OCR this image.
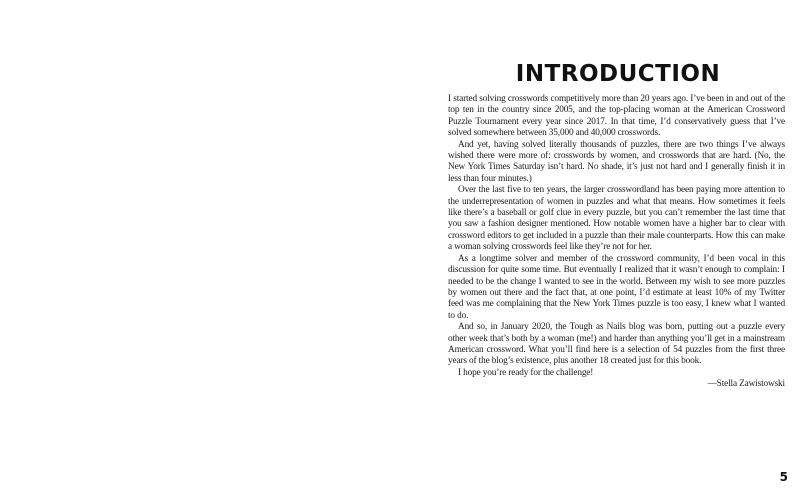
INTRODUCTION

I started solving crosswords competitively more than 20 years ago. I’ve been in and out of the top ten in the country since 2005, and the top-placing woman at the American Crossword Puzzle Tournament every year since 2017. In that time, I’d conservatively guess that I’ve solved somewhere between 35,000 and 40,000 crosswords.

And yet, having solved literally thousands of puzzles, there are two things I’ve always wished there were more of: crosswords by women, and crosswords that are hard. (No, the New York Times Saturday isn’t hard. No shade, it’s just not hard and I generally finish it in less than four minutes.)

Over the last five to ten years, the larger crosswordland has been paying more attention to the underrepresentation of women in puzzles and what that means. How sometimes it feels like there’s a baseball or golf clue in every puzzle, but you can’t remember the last time that you saw a fashion designer mentioned. How notable women have a higher bar to clear with crossword editors to get included in a puzzle than their male counterparts. How this can make a woman solving crosswords feel like they’re not for her.

As a longtime solver and member of the crossword community, I’d been vocal in this discussion for quite some time. But eventually I realized that it wasn’t enough to complain: I needed to be the change I wanted to see in the world. Between my wish to see more puzzles by women out there and the fact that, at one point, I’d estimate at least 10% of my Twitter feed was me complaining that the New York Times puzzle is too easy, I knew what I wanted to do.

And so, in January 2020, the Tough as Nails blog was born, putting out a puzzle every other week that’s both by a woman (me!) and harder than anything you’ll get in a mainstream American crossword. What you’ll find here is a selection of 54 puzzles from the first three years of the blog’s existence, plus another 18 created just for this book.

I hope you’re ready for the challenge!

—Stella Zawistowski

5
